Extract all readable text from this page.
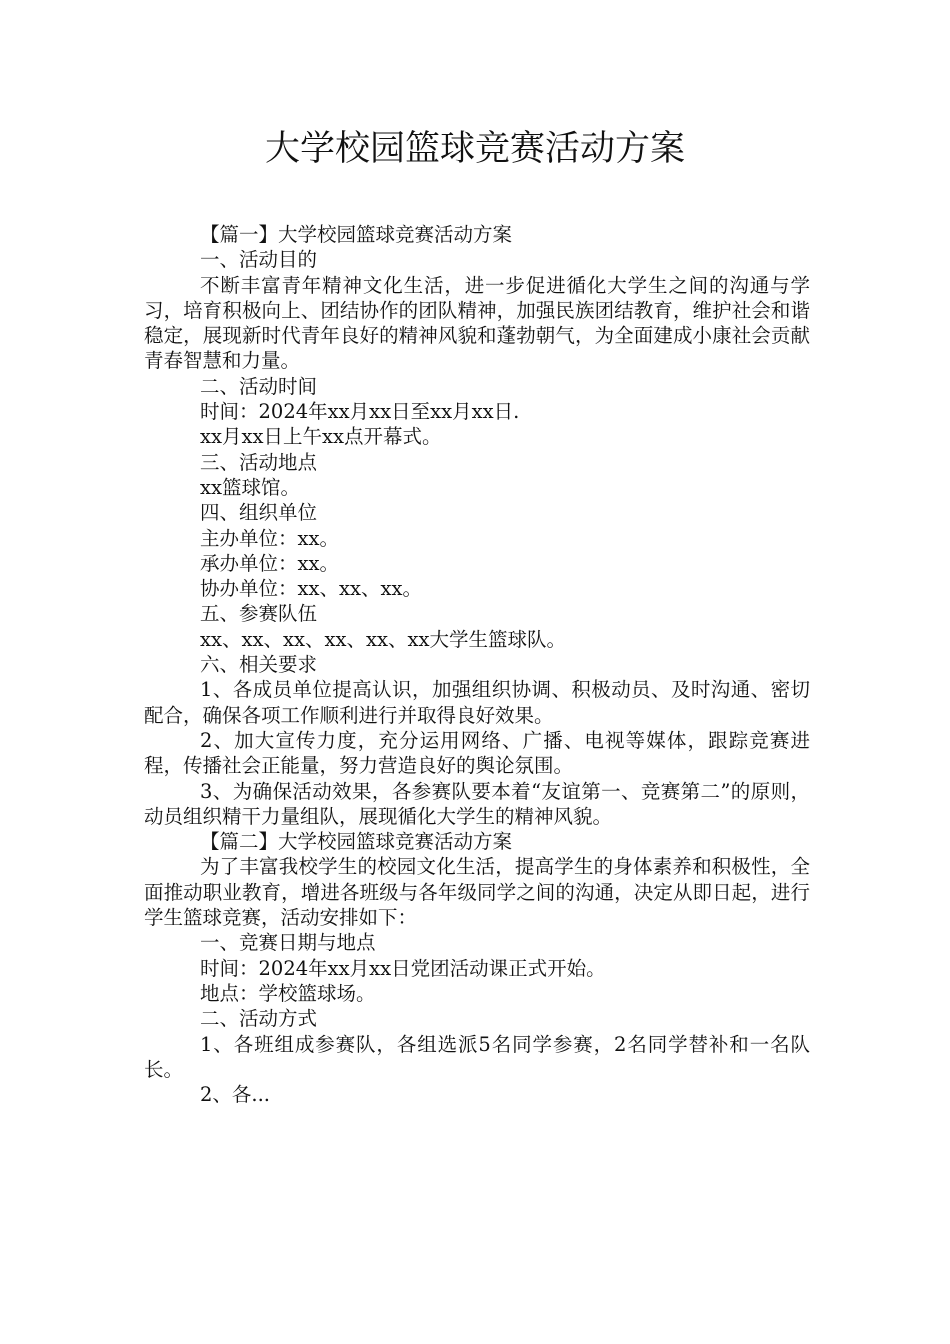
大学校园篮球竞赛活动方案

【篇一】大学校园篮球竞赛活动方案

一、活动目的

不断丰富青年精神文化生活，进一步促进循化大学生之间的沟通与学习，培育积极向上、团结协作的团队精神，加强民族团结教育，维护社会和谐稳定，展现新时代青年良好的精神风貌和蓬勃朝气，为全面建成小康社会贡献青春智慧和力量。

二、活动时间

时间：2024年xx月xx日至xx月xx日.

xx月xx日上午xx点开幕式。

三、活动地点

xx篮球馆。

四、组织单位

主办单位：xx。

承办单位：xx。

协办单位：xx、xx、xx。

五、参赛队伍

xx、xx、xx、xx、xx、xx大学生篮球队。

六、相关要求

1、各成员单位提高认识，加强组织协调、积极动员、及时沟通、密切配合，确保各项工作顺利进行并取得良好效果。

2、加大宣传力度，充分运用网络、广播、电视等媒体，跟踪竞赛进程，传播社会正能量，努力营造良好的舆论氛围。

3、为确保活动效果，各参赛队要本着“友谊第一、竞赛第二”的原则，动员组织精干力量组队，展现循化大学生的精神风貌。

【篇二】大学校园篮球竞赛活动方案

为了丰富我校学生的校园文化生活，提高学生的身体素养和积极性，全面推动职业教育，增进各班级与各年级同学之间的沟通，决定从即日起，进行学生篮球竞赛，活动安排如下：

一、竞赛日期与地点

时间：2024年xx月xx日党团活动课正式开始。

地点：学校篮球场。

二、活动方式

1、各班组成参赛队，各组选派5名同学参赛，2名同学替补和一名队长。

2、各...
